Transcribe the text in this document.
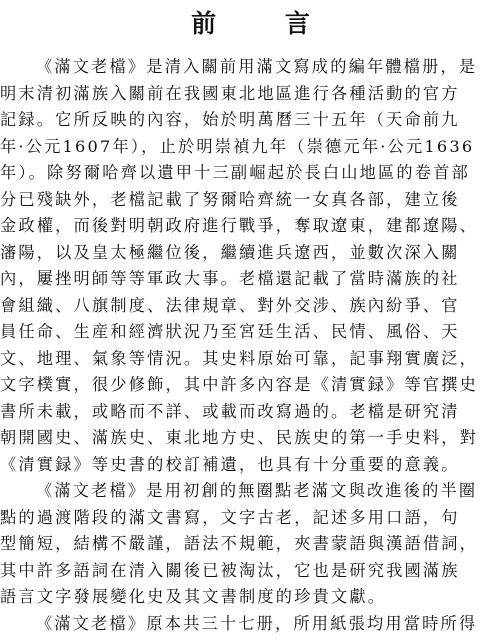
前 言
《滿文老檔》是清入關前用滿文寫成的編年體檔册，是
明末清初滿族入關前在我國東北地區進行各種活動的官方
記録。它所反映的內容，始於明萬曆三十五年（天命前九
年·公元1607年），止於明崇禎九年（崇德元年·公元1636
年）。除努爾哈齊以遺甲十三副崛起於長白山地區的卷首部
分已殘缺外，老檔記載了努爾哈齊統一女真各部，建立後
金政權，而後對明朝政府進行戰爭，奪取遼東，建都遼陽、
瀋陽，以及皇太極繼位後，繼續進兵遼西，並數次深入關
內，屢挫明師等等軍政大事。老檔還記載了當時滿族的社
會組織、八旗制度、法律規章、對外交涉、族內紛爭、官
員任命、生産和經濟狀況乃至宮廷生活、民情、風俗、天
文、地理、氣象等情況。其史料原始可靠，記事翔實廣泛，
文字樸實，很少修飾，其中許多內容是《清實録》等官撰史
書所未載，或略而不詳、或載而改寫過的。老檔是研究清
朝開國史、滿族史、東北地方史、民族史的第一手史料，對
《清實録》等史書的校訂補遺，也具有十分重要的意義。
《滿文老檔》是用初創的無圈點老滿文與改進後的半圈
點的過渡階段的滿文書寫，文字古老，記述多用口語，句
型簡短，結構不嚴謹，語法不規範，夾書蒙語與漢語借詞，
其中許多語詞在清入關後已被淘汰，它也是研究我國滿族
語言文字發展變化史及其文書制度的珍貴文獻。
《滿文老檔》原本共三十七册，所用紙張均用當時所得
